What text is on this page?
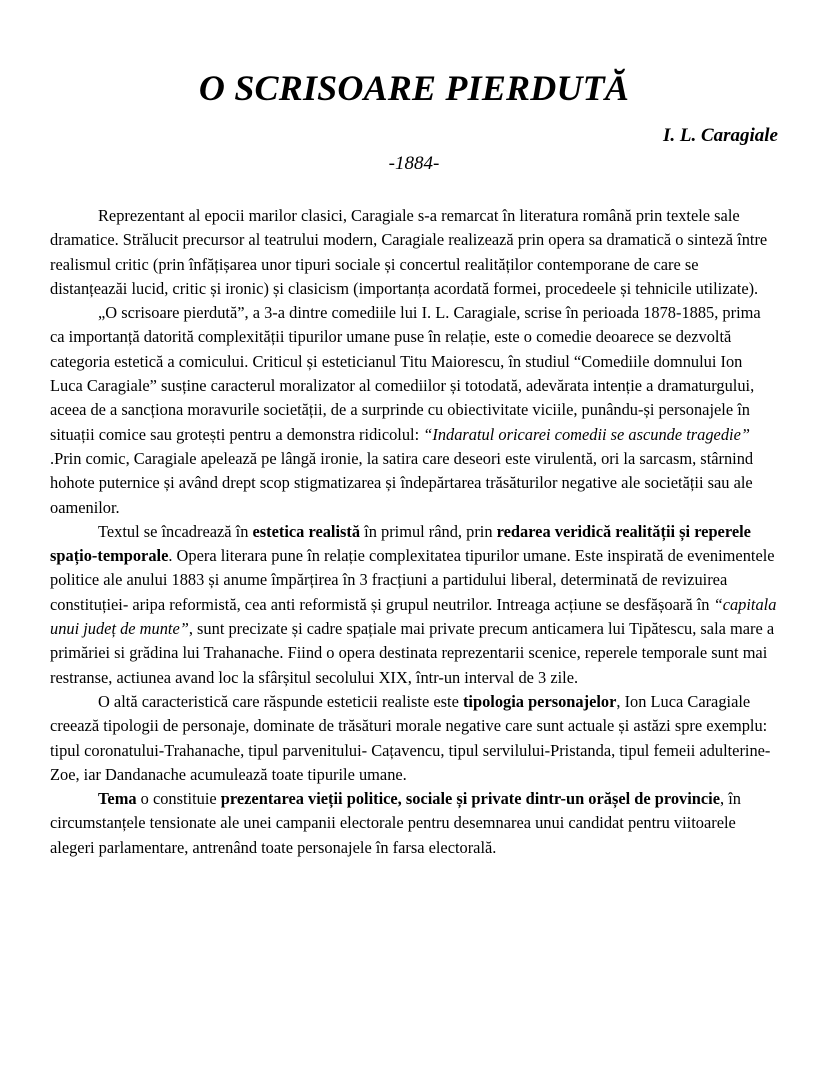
O SCRISOARE PIERDUTĂ
I. L. Caragiale
-1884-

Reprezentant al epocii marilor clasici, Caragiale s-a remarcat în literatura română prin textele sale dramatice. Strălucit precursor al teatrului modern, Caragiale realizează prin opera sa dramatică o sinteză între realismul critic (prin înfățișarea unor tipuri sociale și concertul realităților contemporane de care se distanțeazăi lucid, critic și ironic) și clasicism (importanța acordată formei, procedeele și tehnicile utilizate).

„O scrisoare pierdută”, a 3-a dintre comediile lui I. L. Caragiale, scrise în perioada 1878-1885, prima ca importanță datorită complexității tipurilor umane puse în relație, este o comedie deoarece se dezvoltă categoria estetică a comicului. Criticul și esteticianul Titu Maiorescu, în studiul “Comediile domnului Ion Luca Caragiale” susține caracterul moralizator al comediilor și totodată, adevărata intenție a dramaturgului, aceea de a sancționa moravurile societății, de a surprinde cu obiectivitate viciile, punându-și personajele în situații comice sau grotești pentru a demonstra ridicolul: “Indaratul oricarei comedii se ascunde tragedie” .Prin comic, Caragiale apelează pe lângă ironie, la satira care deseori este virulentă, ori la sarcasm, stârnind hohote puternice și având drept scop stigmatizarea și îndepărtarea trăsăturilor negative ale societății sau ale oamenilor.

Textul se încadrează în estetica realistă în primul rând, prin redarea veridică realității și reperele spațio-temporale. Opera literara pune în relație complexitatea tipurilor umane. Este inspirată de evenimentele politice ale anului 1883 și anume împărțirea în 3 fracțiuni a partidului liberal, determinată de revizuirea constituției- aripa reformistă, cea anti reformistă și grupul neutrilor. Intreaga acțiune se desfășoară în “capitala unui județ de munte”, sunt precizate și cadre spațiale mai private precum anticamera lui Tipătescu, sala mare a primăriei si grădina lui Trahanache. Fiind o opera destinata reprezentarii scenice, reperele temporale sunt mai restranse, actiunea avand loc la sfârșitul secolului XIX, într-un interval de 3 zile.

O altă caracteristică care răspunde esteticii realiste este tipologia personajelor, Ion Luca Caragiale creează tipologii de personaje, dominate de trăsături morale negative care sunt actuale și astăzi spre exemplu: tipul coronatului-Trahanache, tipul parvenitului- Cațavencu, tipul servilului-Pristanda, tipul femeii adulterine- Zoe, iar Dandanache acumulează toate tipurile umane.

Tema o constituie prezentarea vieții politice, sociale și private dintr-un orășel de provincie, în circumstanțele tensionate ale unei campanii electorale pentru desemnarea unui candidat pentru viitoarele alegeri parlamentare, antrenând toate personajele în farsa electorală.
